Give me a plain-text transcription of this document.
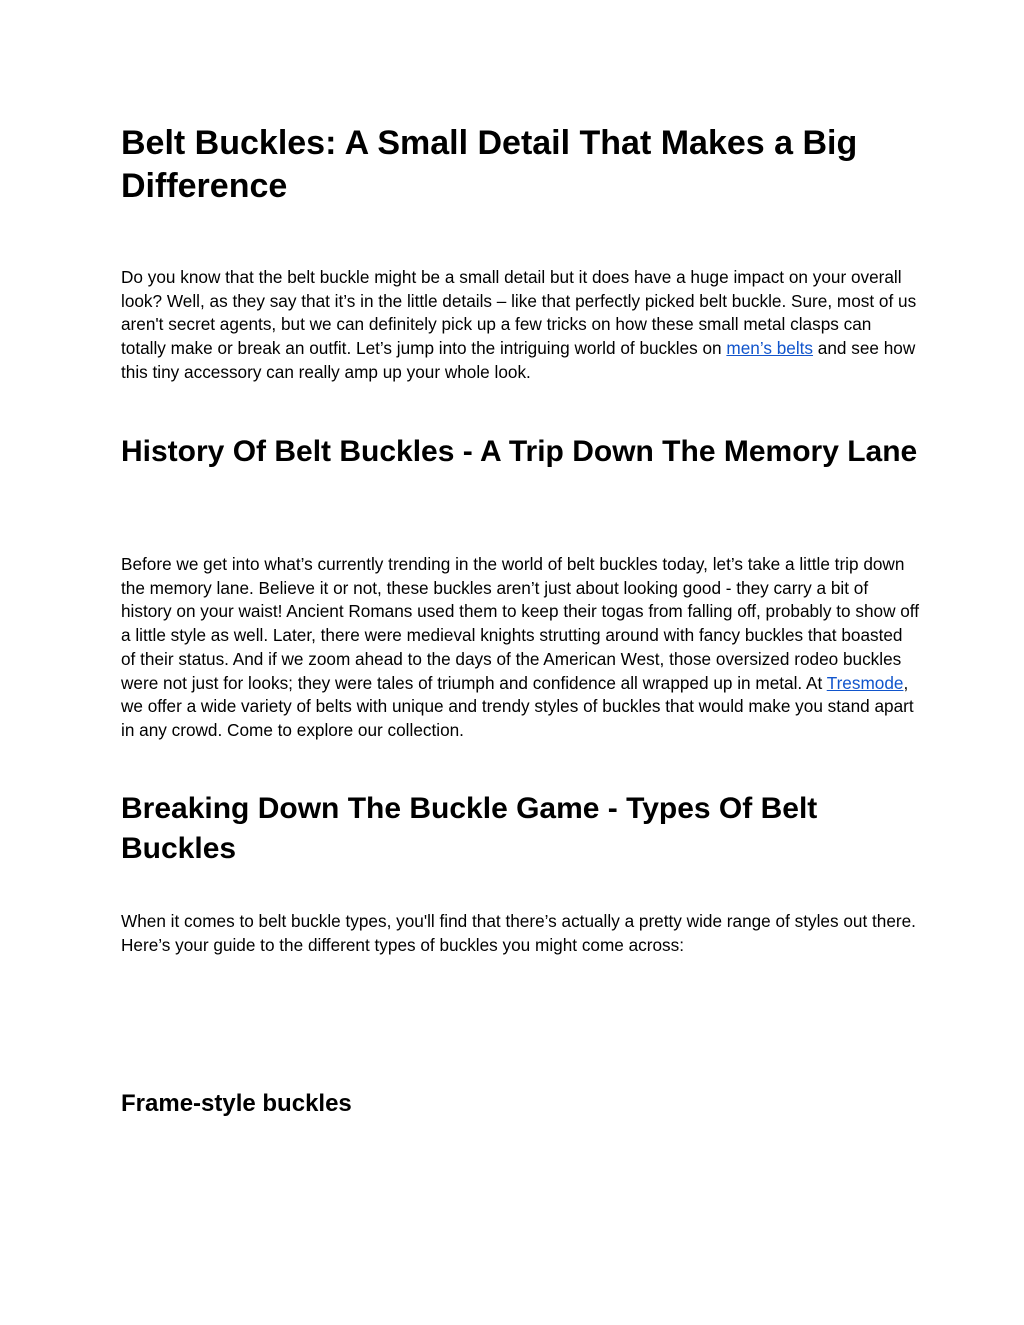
Belt Buckles: A Small Detail That Makes a Big Difference

Do you know that the belt buckle might be a small detail but it does have a huge impact on your overall look? Well, as they say that it’s in the little details – like that perfectly picked belt buckle. Sure, most of us aren't secret agents, but we can definitely pick up a few tricks on how these small metal clasps can totally make or break an outfit. Let’s jump into the intriguing world of buckles on men’s belts and see how this tiny accessory can really amp up your whole look.

History Of Belt Buckles - A Trip Down The Memory Lane

Before we get into what’s currently trending in the world of belt buckles today, let’s take a little trip down the memory lane. Believe it or not, these buckles aren’t just about looking good - they carry a bit of history on your waist! Ancient Romans used them to keep their togas from falling off, probably to show off a little style as well. Later, there were medieval knights strutting around with fancy buckles that boasted of their status. And if we zoom ahead to the days of the American West, those oversized rodeo buckles were not just for looks; they were tales of triumph and confidence all wrapped up in metal. At Tresmode, we offer a wide variety of belts with unique and trendy styles of buckles that would make you stand apart in any crowd. Come to explore our collection.

Breaking Down The Buckle Game - Types Of Belt Buckles

When it comes to belt buckle types, you'll find that there’s actually a pretty wide range of styles out there. Here’s your guide to the different types of buckles you might come across:

Frame-style buckles
